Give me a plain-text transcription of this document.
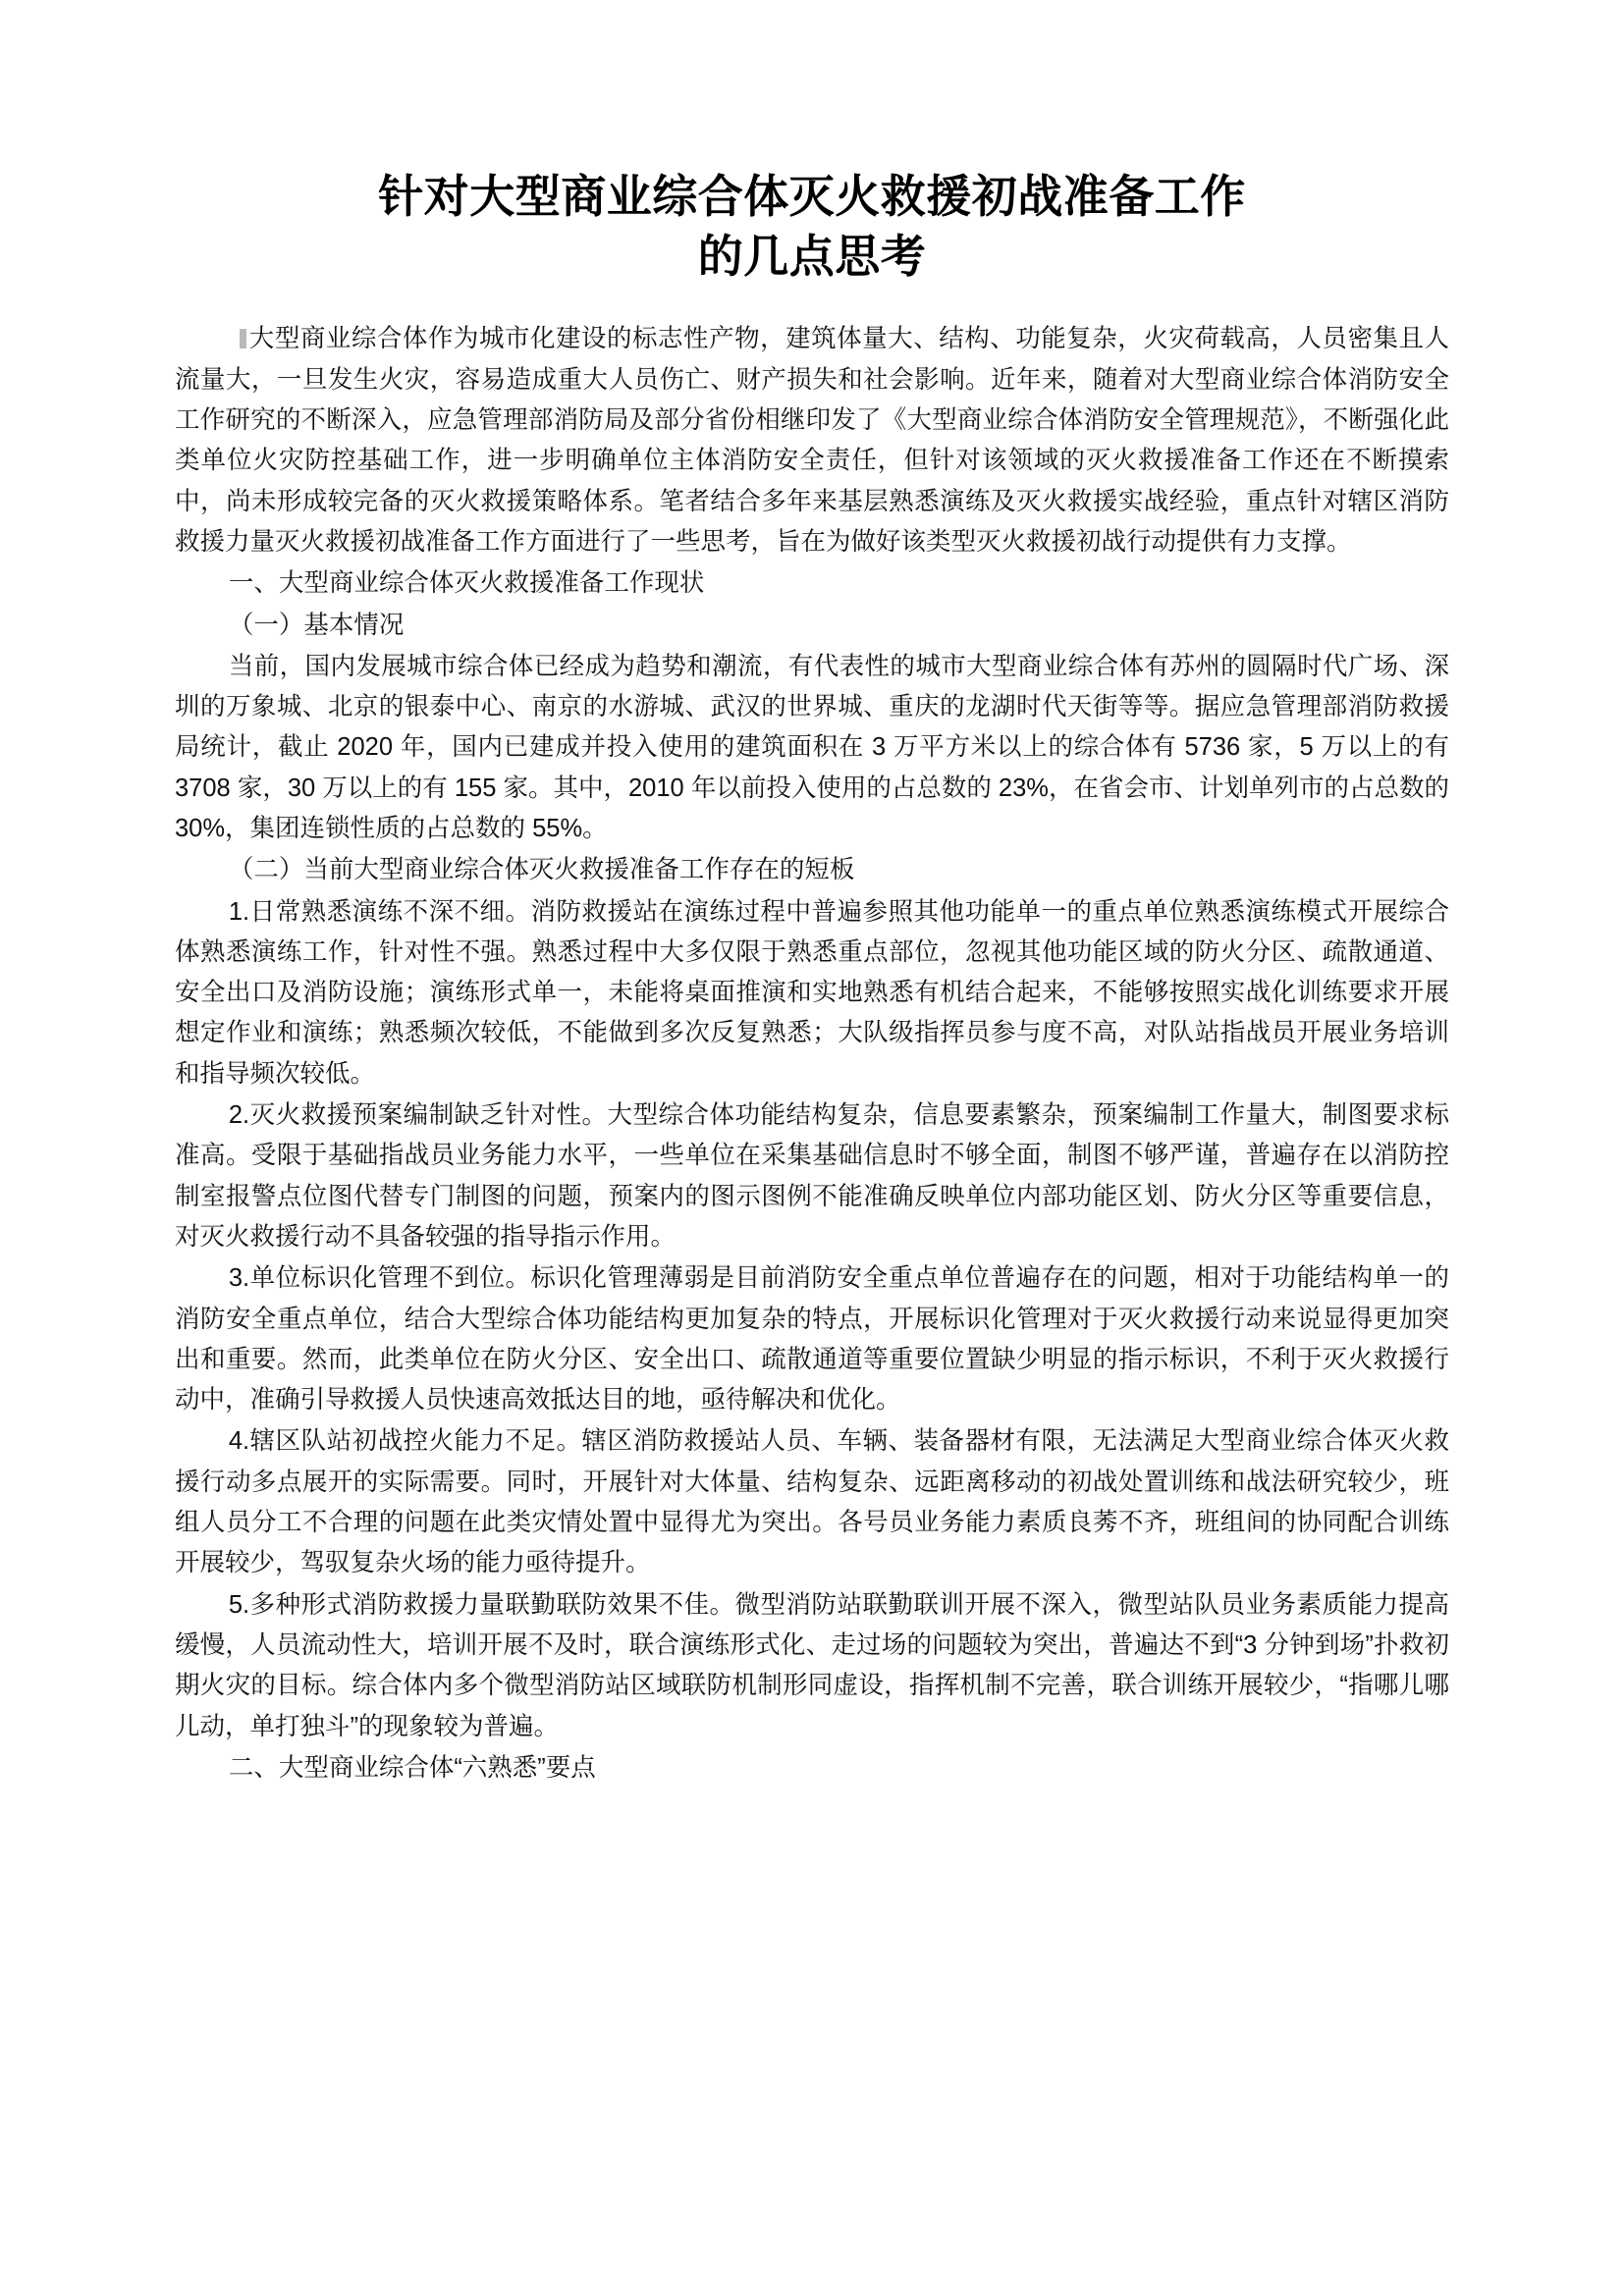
针对大型商业综合体灭火救援初战准备工作
的几点思考

大型商业综合体作为城市化建设的标志性产物，建筑体量大、结构、功能复杂，火灾荷载高，人员密集且人流量大，一旦发生火灾，容易造成重大人员伤亡、财产损失和社会影响。近年来，随着对大型商业综合体消防安全工作研究的不断深入，应急管理部消防局及部分省份相继印发了《大型商业综合体消防安全管理规范》，不断强化此类单位火灾防控基础工作，进一步明确单位主体消防安全责任，但针对该领域的灭火救援准备工作还在不断摸索中，尚未形成较完备的灭火救援策略体系。笔者结合多年来基层熟悉演练及灭火救援实战经验，重点针对辖区消防救援力量灭火救援初战准备工作方面进行了一些思考，旨在为做好该类型灭火救援初战行动提供有力支撑。

一、大型商业综合体灭火救援准备工作现状

（一）基本情况

当前，国内发展城市综合体已经成为趋势和潮流，有代表性的城市大型商业综合体有苏州的圆隔时代广场、深圳的万象城、北京的银泰中心、南京的水游城、武汉的世界城、重庆的龙湖时代天街等等。据应急管理部消防救援局统计，截止 2020 年，国内已建成并投入使用的建筑面积在 3 万平方米以上的综合体有 5736 家，5 万以上的有 3708 家，30 万以上的有 155 家。其中，2010 年以前投入使用的占总数的 23%，在省会市、计划单列市的占总数的 30%，集团连锁性质的占总数的 55%。

（二）当前大型商业综合体灭火救援准备工作存在的短板

1.日常熟悉演练不深不细。消防救援站在演练过程中普遍参照其他功能单一的重点单位熟悉演练模式开展综合体熟悉演练工作，针对性不强。熟悉过程中大多仅限于熟悉重点部位，忽视其他功能区域的防火分区、疏散通道、安全出口及消防设施；演练形式单一，未能将桌面推演和实地熟悉有机结合起来，不能够按照实战化训练要求开展想定作业和演练；熟悉频次较低，不能做到多次反复熟悉；大队级指挥员参与度不高，对队站指战员开展业务培训和指导频次较低。

2.灭火救援预案编制缺乏针对性。大型综合体功能结构复杂，信息要素繁杂，预案编制工作量大，制图要求标准高。受限于基础指战员业务能力水平，一些单位在采集基础信息时不够全面，制图不够严谨，普遍存在以消防控制室报警点位图代替专门制图的问题，预案内的图示图例不能准确反映单位内部功能区划、防火分区等重要信息，对灭火救援行动不具备较强的指导指示作用。

3.单位标识化管理不到位。标识化管理薄弱是目前消防安全重点单位普遍存在的问题，相对于功能结构单一的消防安全重点单位，结合大型综合体功能结构更加复杂的特点，开展标识化管理对于灭火救援行动来说显得更加突出和重要。然而，此类单位在防火分区、安全出口、疏散通道等重要位置缺少明显的指示标识，不利于灭火救援行动中，准确引导救援人员快速高效抵达目的地，亟待解决和优化。

4.辖区队站初战控火能力不足。辖区消防救援站人员、车辆、装备器材有限，无法满足大型商业综合体灭火救援行动多点展开的实际需要。同时，开展针对大体量、结构复杂、远距离移动的初战处置训练和战法研究较少，班组人员分工不合理的问题在此类灾情处置中显得尤为突出。各号员业务能力素质良莠不齐，班组间的协同配合训练开展较少，驾驭复杂火场的能力亟待提升。

5.多种形式消防救援力量联勤联防效果不佳。微型消防站联勤联训开展不深入，微型站队员业务素质能力提高缓慢，人员流动性大，培训开展不及时，联合演练形式化、走过场的问题较为突出，普遍达不到“3 分钟到场”扑救初期火灾的目标。综合体内多个微型消防站区域联防机制形同虚设，指挥机制不完善，联合训练开展较少，“指哪儿哪儿动，单打独斗”的现象较为普遍。

二、大型商业综合体“六熟悉”要点
